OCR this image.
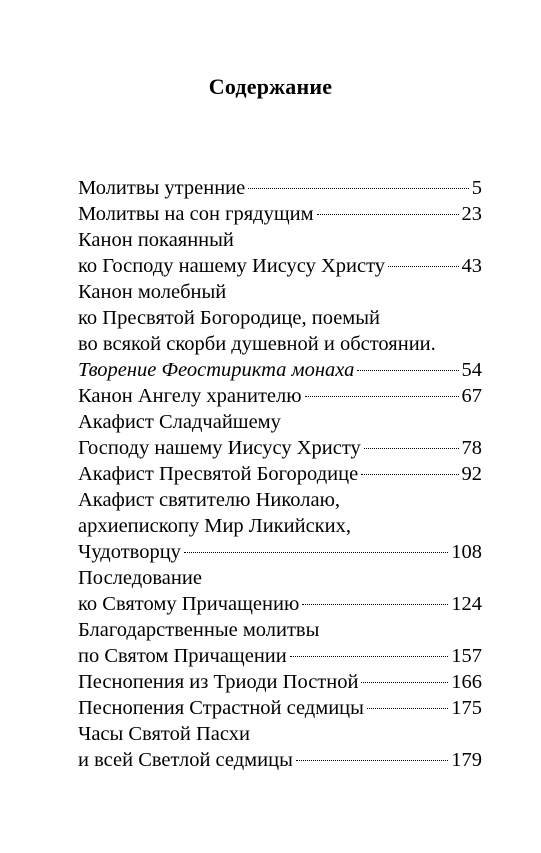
Содержание
Молитвы утренние	5
Молитвы на сон грядущим	23
Канон покаянный
ко Господу нашему Иисусу Христу	43
Канон молебный
ко Пресвятой Богородице, поемый
во всякой скорби душевной и обстоянии.
Творение Феостирикта монаха	54
Канон Ангелу хранителю	67
Акафист Сладчайшему
Господу нашему Иисусу Христу	78
Акафист Пресвятой Богородице	92
Акафист святителю Николаю,
архиепископу Мир Ликийских,
Чудотворцу	108
Последование
ко Святому Причащению	124
Благодарственные молитвы
по Святом Причащении	157
Песнопения из Триоди Постной	166
Песнопения Страстной седмицы	175
Часы Святой Пасхи
и всей Светлой седмицы	179
